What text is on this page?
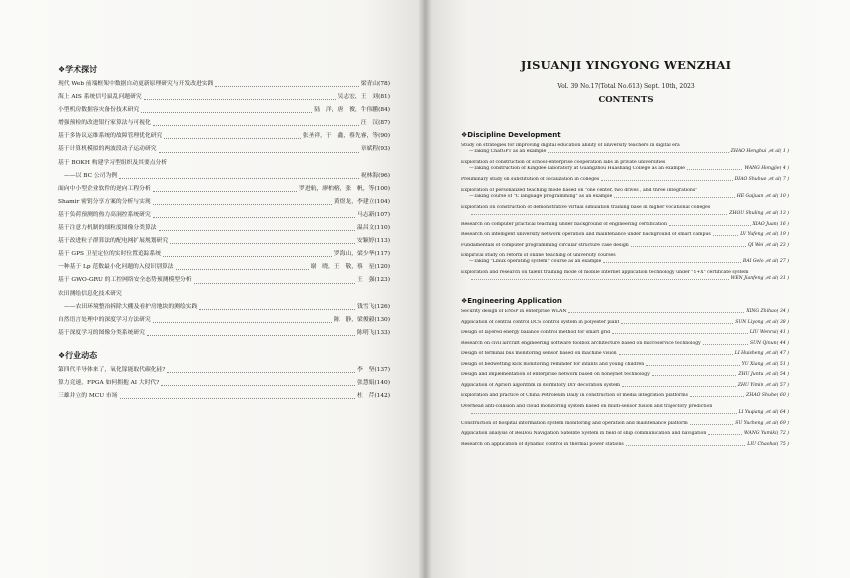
❖学术探讨
现代 Web 前端框架中数据自动更新原理研究与开发改进实践	梁青山(78)
海上 AIS 系统信号鼠乱问题研究	吴志宏，王　刘(81)
小型机房数据容灾备份技术研究	陆　洋，唐　俊，牛伟鹏(84)
增强预检的改进银行家算法与可视化	汪　汉(87)
基于多协议运维系统的故障管理优化研究	张圣祥，于　鑫，蔡先睿，等(90)
基于计算机模拟的两波段动子运动研究	章斌程(93)
基于 BOKH 构建学习型组织及其要点分析
——以 BC 公司为例	祝林海(96)
面向中小型企业软件的逆向工程分析	罗进航，廖柏榕，张　帆，等(100)
Shamir 密钥分享方案的分析与实现	黄煜龙，李建立(104)
基于负荷预测的热力高洞控系统研究	马志新(107)
基于注意力机制的细粒度图像分类算法	温昌文(110)
基于改进粒子群算法的配电网扩展规划研究	安颖婷(113)
基于 GPS 卫星定位的实时位置追踪系统	罗海山，梁少华(117)
一种基于 Lp 范数最小化问题的入侵识别算法	谢　晓，王　敬，蔡　星(120)
基于 GWO-GRU 的工控网络安全态势预测模型分析	王　强(123)
农田测绘信息化技术研究
——农田环境整治拆除大棚及看护房地块的测绘实践	钱雪飞(126)
自然语言处理中的深度学习方法研究	陈　静，梁俊毅(130)
基于深度学习的图像分类系统研究	陈明飞(133)
❖行业动态
第四代半导体来了，氧化镓能取代碳化硅?	李　坚(137)
算力竞速，FPGA 如何拥抱 AI 大时代?	张慧娟(140)
三雄并立的 MCU 市场	杜　芹(142)
JISUANJI YINGYONG WENZHAI
Vol. 39 No.17(Total No.613) Sept. 10th, 2023
CONTENTS
❖Discipline Development
Study on strategies for improving digital education ability of university teachers in digital era
—Taking ChatGPT as an example	ZHAO Henghui ,et al( 1 )
Exploration of construction of school-enterprise cooperation labs in private universities
—Taking construction of Kingdee laboratory at Guangzhou Huashang College as an example	WANG Hongjie( 4 )
Preliminary study on substitution of localization in colleges	DIAO Shuhuo ,et al( 7 )
Exploration of personalized teaching mode based on "one center, two drives , and three integrations"
—Taking course of "C language programming" as an example	HE Gaijuan ,et al( 10 )
Exploration on construction of demonstrative virtual simulation training base in higher vocational colleges
ZHOU Shuling ,et al( 13 )
Research on computer practical teaching under background of engineering certification	XIAO Juan( 16 )
Research on intelligent university network operation and maintenance under background of smart campus	LV Yufeng ,et al( 19 )
Fundamentals of computer programming circular structure case design	QI Wei ,et al( 23 )
Empirical study on reform of online teaching of university courses
—Taking "Linux operating system" course as an example	BAI Gelo ,et al( 27 )
Exploration and research on talent training mode of mobile Internet application technology under "1+X" certificate system
WEN Jianfeng ,et al( 31 )
❖Engineering Application
Security design of ENSP in enterprise WLAN	XING Zhihao( 34 )
Application of central control DCS control system in polyester plant	SUN Liyong ,et al( 38 )
Design of layered energy balance control method for smart grid	LIU Wenrui( 41 )
Research on civil aircraft engineering software toolbox architecture based on microservice technology	SUN Qinun( 44 )
Design of terminal bus monitoring sensor based on machine vision	LI Huisheng ,et al( 47 )
Design of bedwetting kick monitoring reminder for infants and young children	YU Xiang ,et al( 51 )
Design and implementation of enterprise network based on honeynet technology	ZHU Juntu ,et al( 54 )
Application of Apriori algorithm in dormitory DIY decoration system	ZHU Yimin ,et al( 57 )
Exploration and practice of China Petroleum Daily in construction of media integration platforms	ZHAO Shuhe( 60 )
Overhead anti-collision and cloud monitoring system based on multi-sensor fusion and trajectory prediction
LI Yuqiang ,et al( 64 )
Construction of hospital information system monitoring and operation and maintenance platform	SU Yucheng ,et al( 69 )
Application analysis of BeiDou Navigation Satellite System in field of ship communication and navigation	WANG Yumiki( 72 )
Research on application of dynamic control in thermal power stations	LIU Chaohai( 75 )
